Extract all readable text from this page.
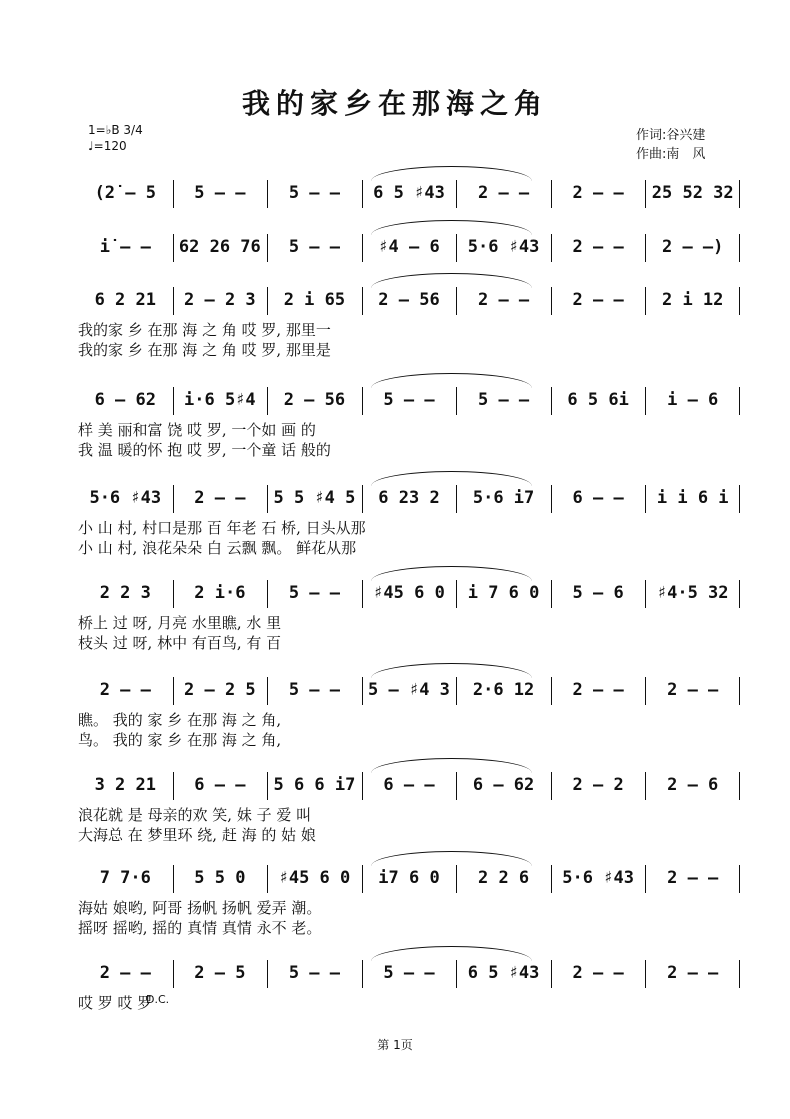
我的家乡在那海之角
1=♭B 3/4
♩=120
作词:谷兴建
作曲:南　风
(2̇ – 5	5 – –	5 – –	6 5 ♯43	2 – –	2 – –	25 52 32
i̇ – –	62 26 76	5 – –	♯4 – 6	5·6 ♯43	2 – –	2 – –)
6 2 21	2 – 2 3	2 i 65	2 – 56	2 – –	2 – –	2 i 12
我的家 乡 在那 海 之 角 哎 罗, 那里一
我的家 乡 在那 海 之 角 哎 罗, 那里是
6 – 62	i·6 5♯4	2 – 56	5 – –	5 – –	6 5 6i	i – 6
样 美 丽和富 饶 哎 罗, 一个如 画 的
我 温 暖的怀 抱 哎 罗, 一个童 话 般的
5·6 ♯43	2 – –	5 5 ♯4 5	6 23 2	5·6 i7	6 – –	i i 6 i
小 山 村, 村口是那 百 年老 石 桥, 日头从那
小 山 村, 浪花朵朵 白 云飘 飘。 鲜花从那
2 2 3	2 i·6	5 – –	♯45 6 0	i 7 6 0	5 – 6	♯4·5 32
桥上 过 呀, 月亮 水里瞧, 水 里
枝头 过 呀, 林中 有百鸟, 有 百
2 – –	2 – 2 5	5 – –	5 – ♯4 3	2·6 12	2 – –	2 – –
瞧。 我的 家 乡 在那 海 之 角,
鸟。 我的 家 乡 在那 海 之 角,
3 2 21	6 – –	5 6 6 i7	6 – –	6 – 62	2 – 2	2 – 6
浪花就 是 母亲的欢 笑, 妹 子 爱 叫
大海总 在 梦里环 绕, 赶 海 的 姑 娘
7 7·6	5 5 0	♯45 6 0	i7 6 0	2 2 6	5·6 ♯43	2 – –
海姑 娘哟, 阿哥 扬帆 扬帆 爱弄 潮。
摇呀 摇哟, 摇的 真情 真情 永不 老。
2 – –	2 – 5	5 – –	5 – –	6 5 ♯43	2 – –	2 – –
哎 罗 哎 罗
D.C.
第 1页
